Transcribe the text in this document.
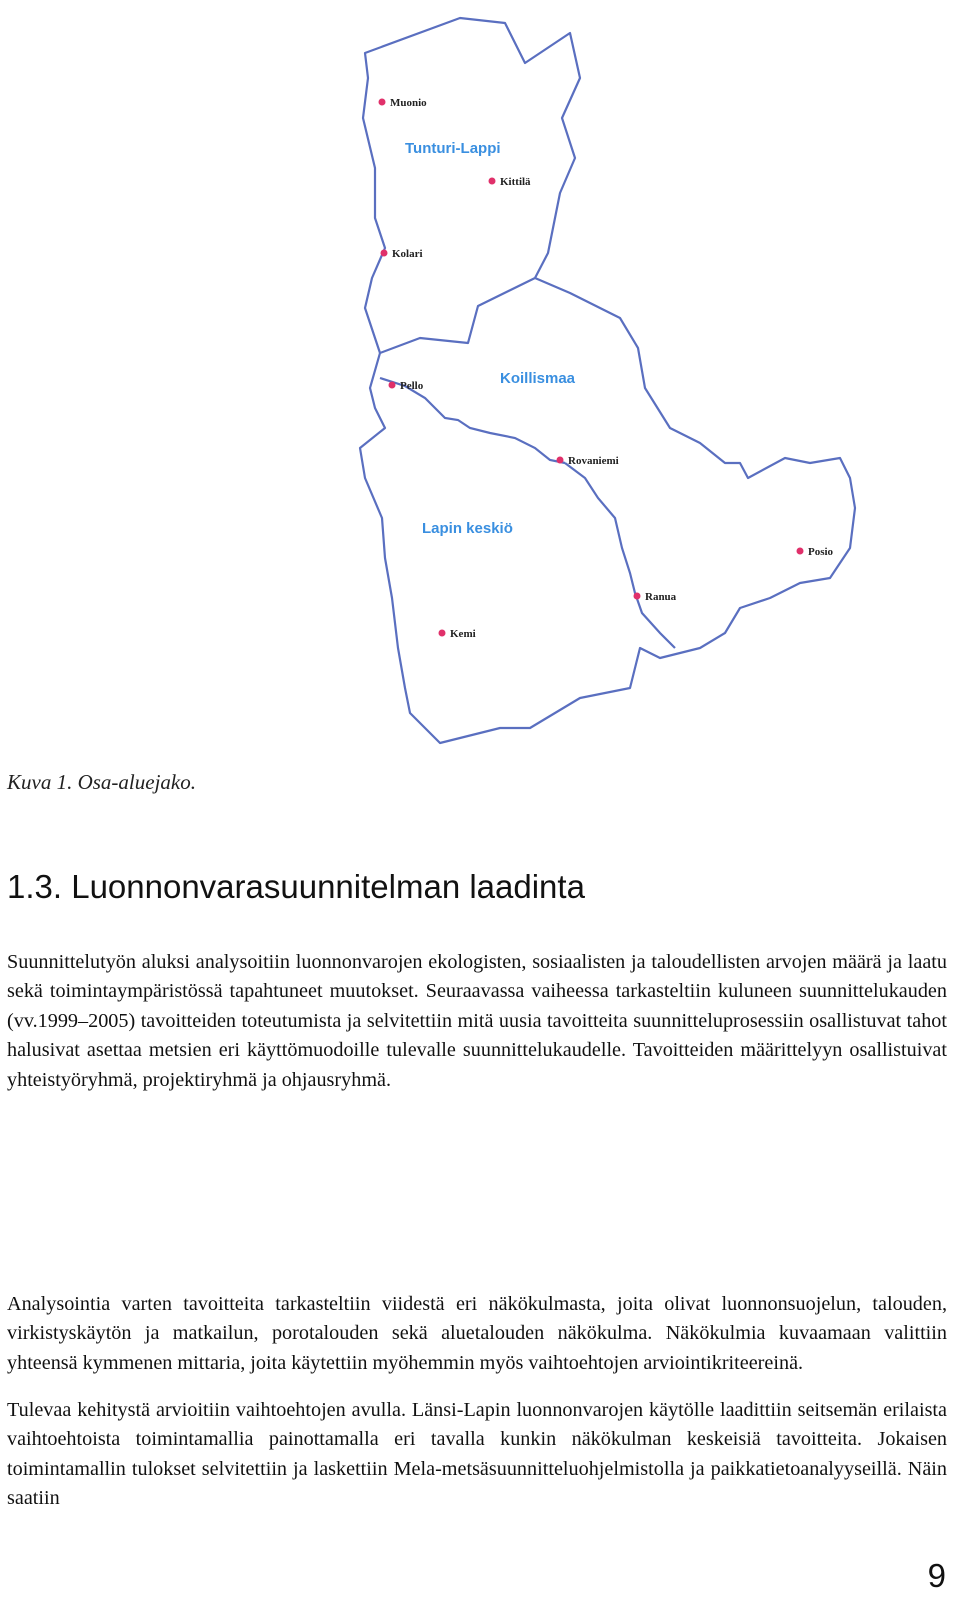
Tunturi-Lappi
Koillismaa
Lapin keskiö
Muonio
Kittilä
Kolari
Pello
Rovaniemi
Posio
Ranua
Kemi
Kuva 1. Osa-aluejako.
1.3. Luonnonvarasuunnitelman laadinta

Suunnittelutyön aluksi analysoitiin luonnonvarojen ekologisten, sosiaalisten ja taloudellisten arvojen määrä ja laatu sekä toimintaympäristössä tapahtuneet muutokset. Seuraavassa vaiheessa tarkasteltiin kuluneen suunnittelukauden (vv.1999–2005) tavoitteiden toteutumista ja selvitettiin mitä uusia tavoitteita suunnitteluprosessiin osallistuvat tahot halusivat asettaa metsien eri käyttömuodoille tulevalle suunnittelukaudelle. Tavoitteiden määrittelyyn osallistuivat yhteistyöryhmä, projektiryhmä ja ohjausryhmä.

Analysointia varten tavoitteita tarkasteltiin viidestä eri näkökulmasta, joita olivat luonnonsuojelun, talouden, virkistyskäytön ja matkailun, porotalouden sekä aluetalouden näkökulma. Näkökulmia kuvaamaan valittiin yhteensä kymmenen mittaria, joita käytettiin myöhemmin myös vaihtoehtojen arviointikriteereinä.

Tulevaa kehitystä arvioitiin vaihtoehtojen avulla. Länsi-Lapin luonnonvarojen käytölle laadittiin seitsemän erilaista vaihtoehtoista toimintamallia painottamalla eri tavalla kunkin näkökulman keskeisiä tavoitteita. Jokaisen toimintamallin tulokset selvitettiin ja laskettiin Mela-metsäsuunnitteluohjelmistolla ja paikkatietoanalyyseillä. Näin saatiin

9
